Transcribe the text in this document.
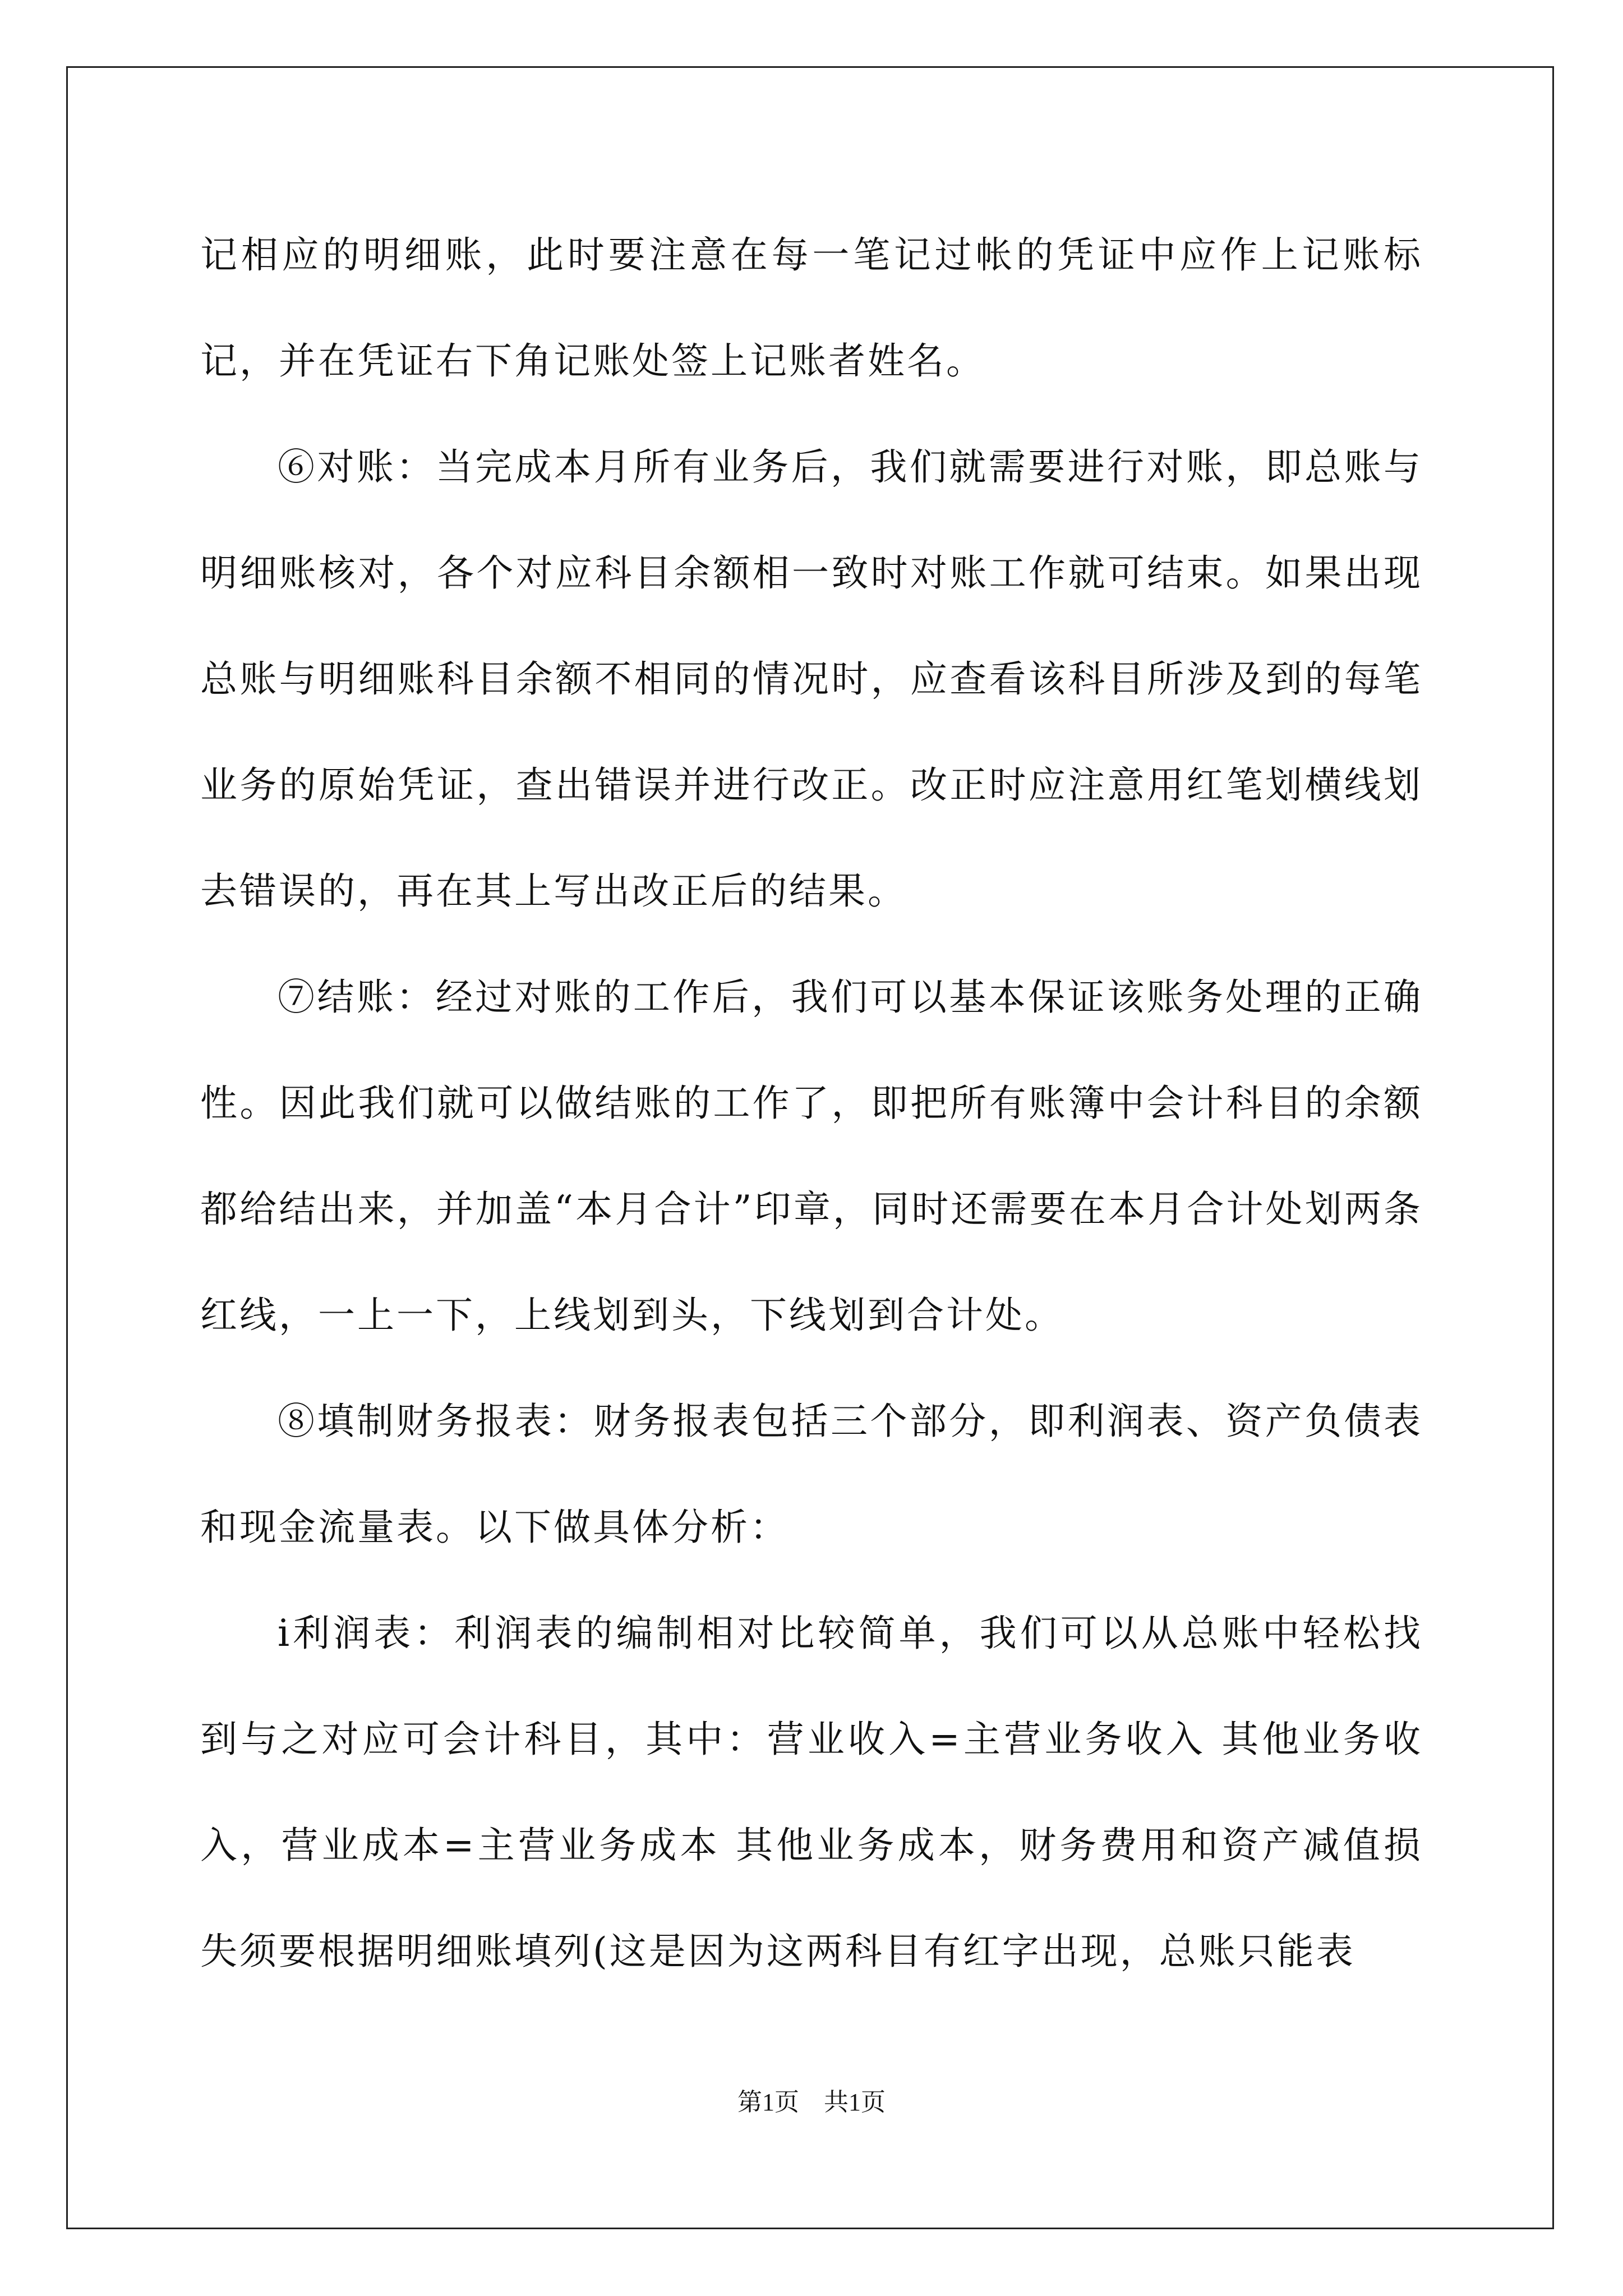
记相应的明细账，此时要注意在每一笔记过帐的凭证中应作上记账标记，并在凭证右下角记账处签上记账者姓名。

⑥对账：当完成本月所有业务后，我们就需要进行对账，即总账与明细账核对，各个对应科目余额相一致时对账工作就可结束。如果出现总账与明细账科目余额不相同的情况时，应查看该科目所涉及到的每笔业务的原始凭证，查出错误并进行改正。改正时应注意用红笔划横线划去错误的，再在其上写出改正后的结果。

⑦结账：经过对账的工作后，我们可以基本保证该账务处理的正确性。因此我们就可以做结账的工作了，即把所有账簿中会计科目的余额都给结出来，并加盖“本月合计”印章，同时还需要在本月合计处划两条红线，一上一下，上线划到头，下线划到合计处。

⑧填制财务报表：财务报表包括三个部分，即利润表、资产负债表和现金流量表。以下做具体分析：

ⅰ利润表：利润表的编制相对比较简单，我们可以从总账中轻松找到与之对应可会计科目，其中：营业收入=主营业务收入 其他业务收入，营业成本=主营业务成本 其他业务成本，财务费用和资产减值损失须要根据明细账填列(这是因为这两科目有红字出现，总账只能表

第1页　共1页
